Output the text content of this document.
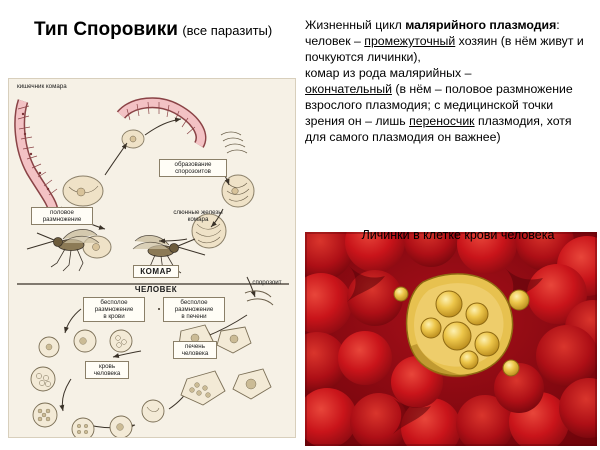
Тип Споровики (все паразиты)	Жизненный цикл малярийного плазмодия:
человек – промежуточный хозяин (в нём живут и почкуются личинки),
комар из рода малярийных –
окончательный (в нём – половое размножение взрослого плазмодия; с медицинской точки зрения он – лишь переносчик плазмодия, хотя для самого плазмодия он важнее)
Личинки в клетке крови человека
кишечник комара
образование
спорозоитов
половое
размножение
слюнные железы
комара
КОМАР
ЧЕЛОВЕК
спорозоит
бесполое
размножение
в крови
бесполое
размножение
в печени
кровь
человека
печень
человека
